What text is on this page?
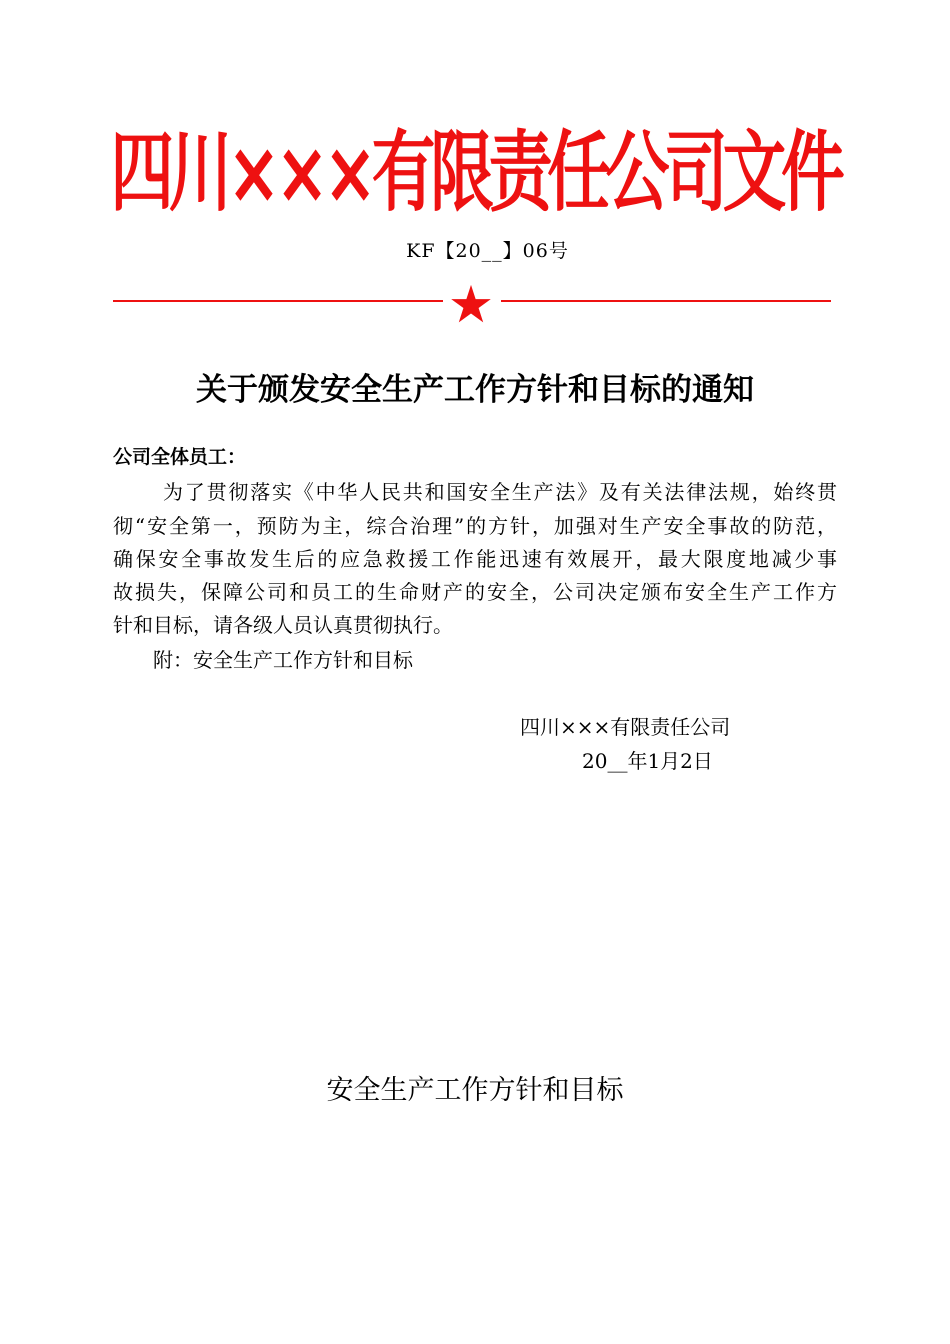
四川×××有限责任公司文件
KF【20__】06号
关于颁发安全生产工作方针和目标的通知
公司全体员工：
为了贯彻落实《中华人民共和国安全生产法》及有关法律法规，始终贯
彻“安全第一，预防为主，综合治理”的方针，加强对生产安全事故的防范，
确保安全事故发生后的应急救援工作能迅速有效展开，最大限度地减少事
故损失，保障公司和员工的生命财产的安全，公司决定颁布安全生产工作方
针和目标，请各级人员认真贯彻执行。
附：安全生产工作方针和目标
四川×××有限责任公司
20__年1月2日
安全生产工作方针和目标
